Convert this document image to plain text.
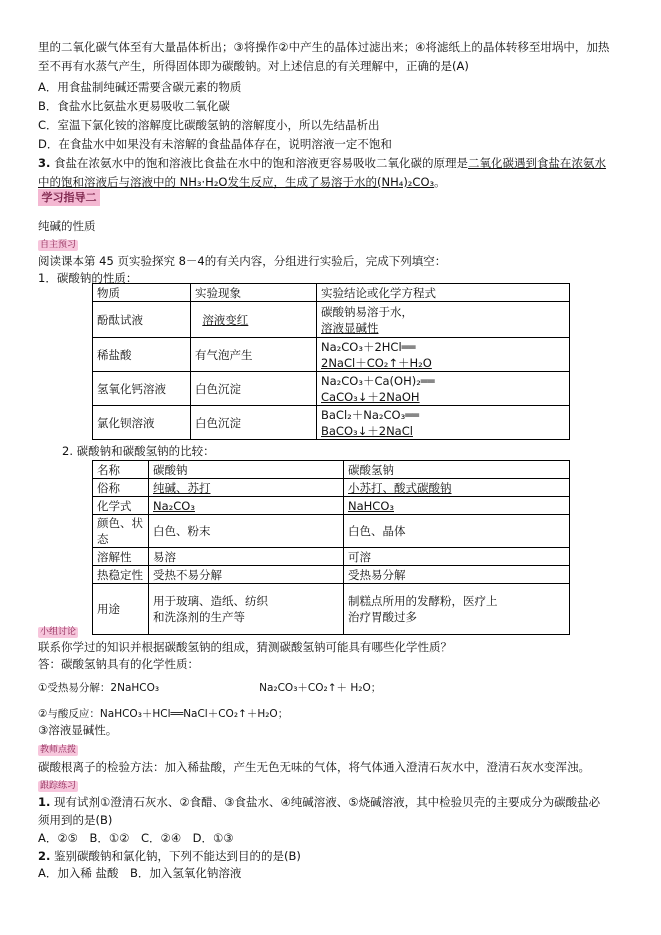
里的二氧化碳气体至有大量晶体析出；③将操作②中产生的晶体过滤出来；④将滤纸上的晶体转移至坩埚中，加热
至不再有水蒸气产生，所得固体即为碳酸钠。对上述信息的有关理解中，正确的是(A)
A．用食盐制纯碱还需要含碳元素的物质
B．食盐水比氨盐水更易吸收二氧化碳
C．室温下氯化铵的溶解度比碳酸氢钠的溶解度小，所以先结晶析出
D．在食盐水中如果没有未溶解的食盐晶体存在，说明溶液一定不饱和
3. 食盐在浓氨水中的饱和溶液比食盐在水中的饱和溶液更容易吸收二氧化碳的原理是二氧化碳遇到食盐在浓氨水
中的饱和溶液后与溶液中的 NH₃·H₂O发生反应，生成了易溶于水的(NH₄)₂CO₃。
学习指导二
纯碱的性质
自主预习
阅读课本第 45 页实验探究 8－4的有关内容，分组进行实验后，完成下列填空：
1．碳酸钠的性质：
物质	实验现象	实验结论或化学方程式
酚酞试液	溶液变红	碳酸钠易溶于水，
溶液显碱性

稀盐酸	有气泡产生	Na₂CO₃＋2HCl══
2NaCl＋CO₂↑＋H₂O

氢氧化钙溶液	白色沉淀	Na₂CO₃＋Ca(OH)₂══
CaCO₃↓＋2NaOH

氯化钡溶液	白色沉淀	BaCl₂＋Na₂CO₃══
BaCO₃↓＋2NaCl
2. 碳酸钠和碳酸氢钠的比较：
名称	碳酸钠	碳酸氢钠
俗称	纯碱、苏打	小苏打、酸式碳酸钠
化学式	Na₂CO₃	NaHCO₃
颜色、状态	白色、粉末	白色、晶体
溶解性	易溶	可溶
热稳定性	受热不易分解	受热易分解
用途	用于玻璃、造纸、纺织和洗涤剂的生产等	制糕点所用的发酵粉，医疗上治疗胃酸过多
小组讨论
联系你学过的知识并根据碳酸氢钠的组成，猜测碳酸氢钠可能具有哪些化学性质？
答：碳酸氢钠具有的化学性质：
①受热易分解：2NaHCO₃	Na₂CO₃＋CO₂↑＋ H₂O；
②与酸反应：NaHCO₃＋HCl══NaCl＋CO₂↑＋H₂O；
③溶液显碱性。
教师点拨
碳酸根离子的检验方法：加入稀盐酸，产生无色无味的气体，将气体通入澄清石灰水中，澄清石灰水变浑浊。
跟踪练习
1. 现有试剂①澄清石灰水、②食醋、③食盐水、④纯碱溶液、⑤烧碱溶液，其中检验贝壳的主要成分为碳酸盐必
须用到的是(B)
A．②⑤　B．①②　C．②④　D．①③
2. 鉴别碳酸钠和氯化钠，下列不能达到目的的是(B)
A．加入稀 盐酸　B．加入氢氧化钠溶液
